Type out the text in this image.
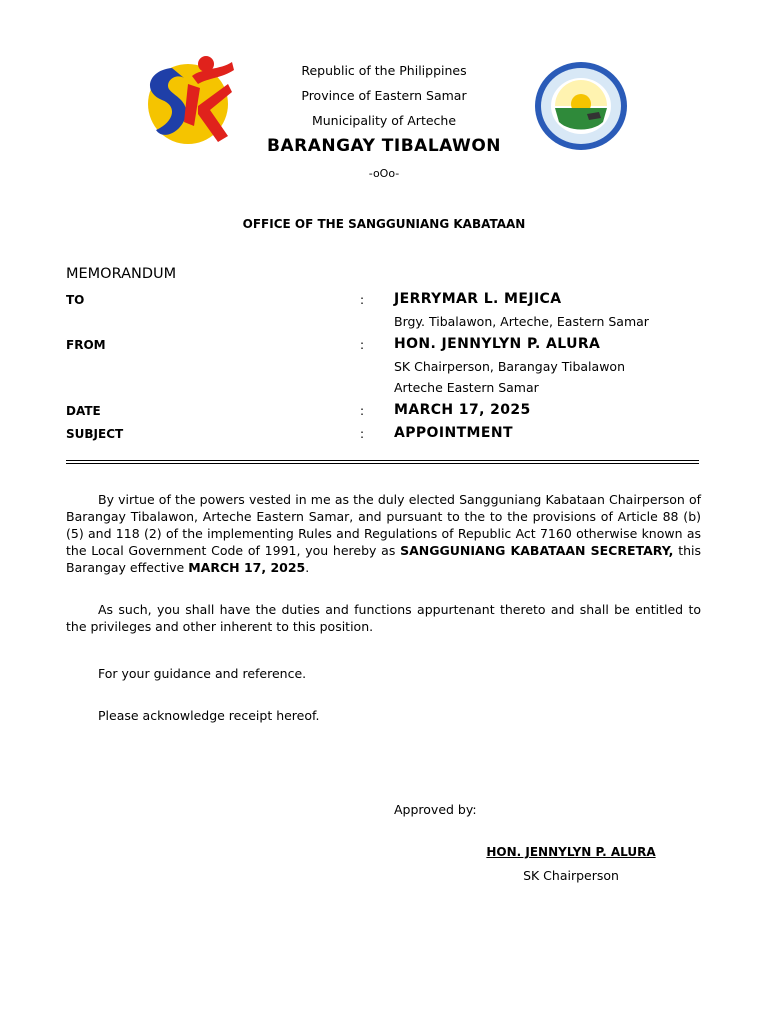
Republic of the Philippines
Province of Eastern Samar
Municipality of Arteche
BARANGAY TIBALAWON
-oOo-
OFFICE OF THE SANGGUNIANG KABATAAN
MEMORANDUM
TO	: JERRYMAR L. MEJICA
Brgy. Tibalawon, Arteche, Eastern Samar
FROM	: HON. JENNYLYN P. ALURA
SK Chairperson, Barangay Tibalawon
Arteche Eastern Samar
DATE	: MARCH 17, 2025
SUBJECT	: APPOINTMENT
By virtue of the powers vested in me as the duly elected Sangguniang Kabataan Chairperson of Barangay Tibalawon, Arteche Eastern Samar, and pursuant to the to the provisions of Article 88 (b) (5) and 118 (2) of the implementing Rules and Regulations of Republic Act 7160 otherwise known as the Local Government Code of 1991, you hereby as SANGGUNIANG KABATAAN SECRETARY, this Barangay effective MARCH 17, 2025.
As such, you shall have the duties and functions appurtenant thereto and shall be entitled to the privileges and other inherent to this position.
For your guidance and reference.
Please acknowledge receipt hereof.
Approved by:
HON. JENNYLYN P. ALURA
SK Chairperson
